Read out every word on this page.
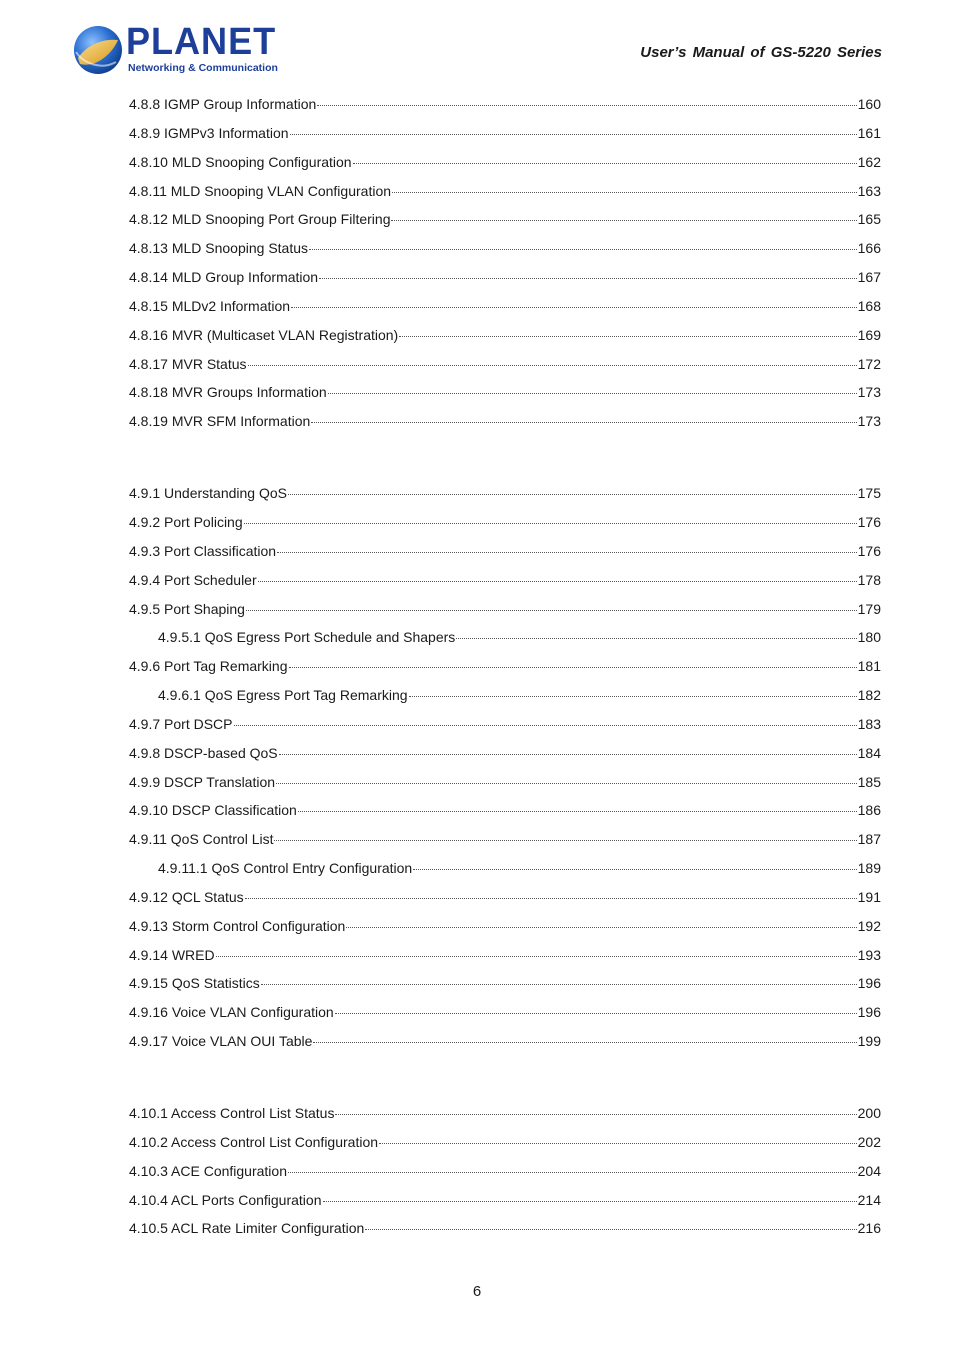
PLANET
Networking & Communication
User’s Manual of GS-5220 Series
4.8.8 IGMP Group Information	160
4.8.9 IGMPv3 Information	161
4.8.10 MLD Snooping Configuration	162
4.8.11 MLD Snooping VLAN Configuration	163
4.8.12 MLD Snooping Port Group Filtering	165
4.8.13 MLD Snooping Status	166
4.8.14 MLD Group Information	167
4.8.15 MLDv2 Information	168
4.8.16 MVR (Multicaset VLAN Registration)	169
4.8.17 MVR Status	172
4.8.18 MVR Groups Information	173
4.8.19 MVR SFM Information	173
4.9.1 Understanding QoS	175
4.9.2 Port Policing	176
4.9.3 Port Classification	176
4.9.4 Port Scheduler	178
4.9.5 Port Shaping	179
4.9.5.1 QoS Egress Port Schedule and Shapers	180
4.9.6 Port Tag Remarking	181
4.9.6.1 QoS Egress Port Tag Remarking	182
4.9.7 Port DSCP	183
4.9.8 DSCP-based QoS	184
4.9.9 DSCP Translation	185
4.9.10 DSCP Classification	186
4.9.11 QoS Control List	187
4.9.11.1 QoS Control Entry Configuration	189
4.9.12 QCL Status	191
4.9.13 Storm Control Configuration	192
4.9.14 WRED	193
4.9.15 QoS Statistics	196
4.9.16 Voice VLAN Configuration	196
4.9.17 Voice VLAN OUI Table	199
4.10.1 Access Control List Status	200
4.10.2 Access Control List Configuration	202
4.10.3 ACE Configuration	204
4.10.4 ACL Ports Configuration	214
4.10.5 ACL Rate Limiter Configuration	216
6
